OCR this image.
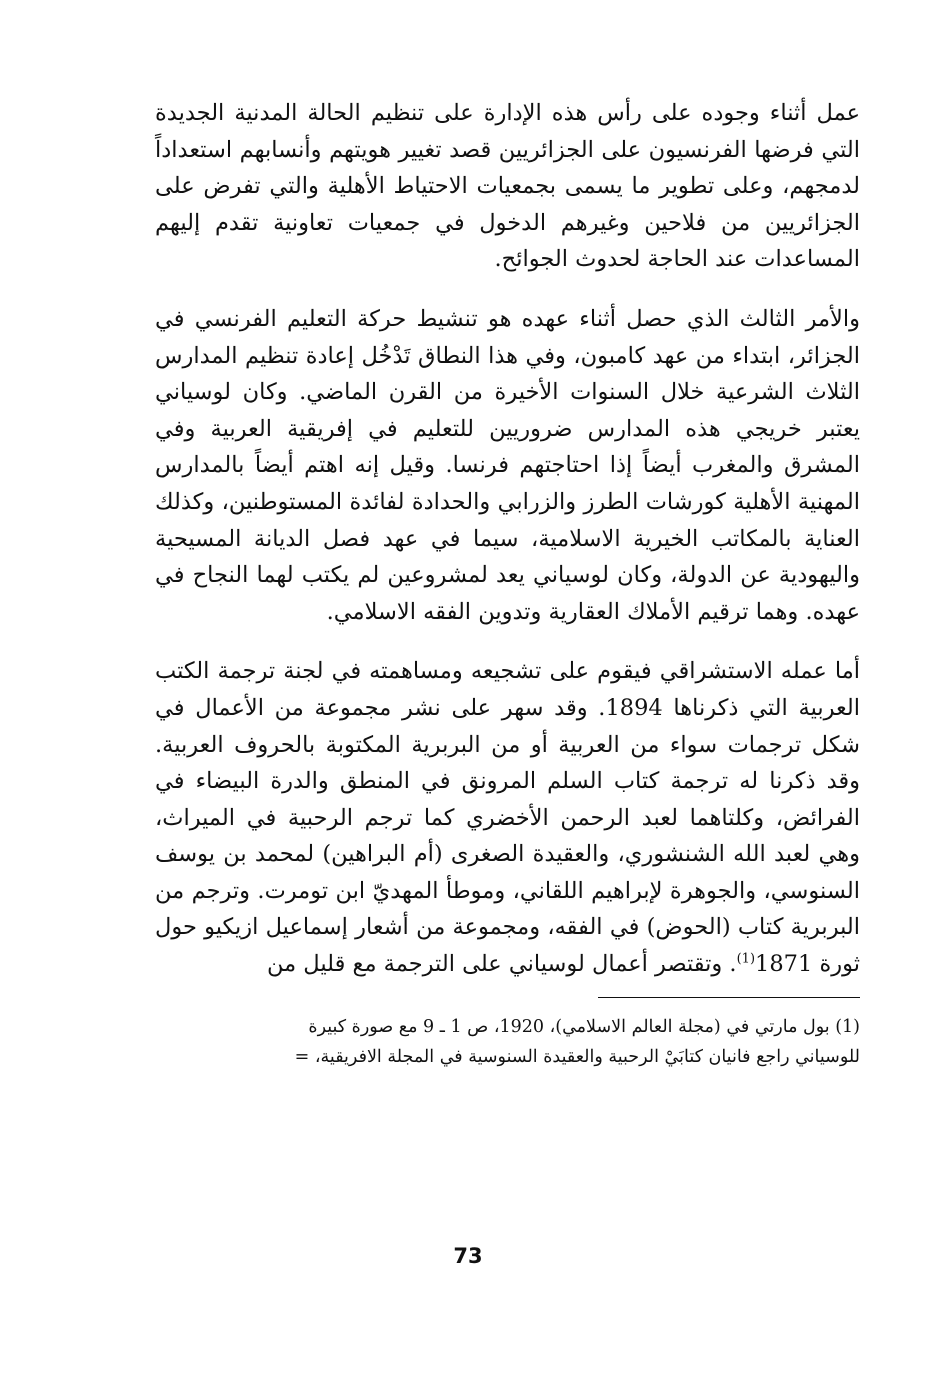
عمل أثناء وجوده على رأس هذه الإدارة على تنظيم الحالة المدنية الجديدة التي فرضها الفرنسيون على الجزائريين قصد تغيير هويتهم وأنسابهم استعداداً لدمجهم، وعلى تطوير ما يسمى بجمعيات الاحتياط الأهلية والتي تفرض على الجزائريين من فلاحين وغيرهم الدخول في جمعيات تعاونية تقدم إليهم المساعدات عند الحاجة لحدوث الجوائح.

والأمر الثالث الذي حصل أثناء عهده هو تنشيط حركة التعليم الفرنسي في الجزائر، ابتداء من عهد كامبون، وفي هذا النطاق تَدْخُل إعادة تنظيم المدارس الثلاث الشرعية خلال السنوات الأخيرة من القرن الماضي. وكان لوسياني يعتبر خريجي هذه المدارس ضروريين للتعليم في إفريقية العربية وفي المشرق والمغرب أيضاً إذا احتاجتهم فرنسا. وقيل إنه اهتم أيضاً بالمدارس المهنية الأهلية كورشات الطرز والزرابي والحدادة لفائدة المستوطنين، وكذلك العناية بالمكاتب الخيرية الاسلامية، سيما في عهد فصل الديانة المسيحية واليهودية عن الدولة، وكان لوسياني يعد لمشروعين لم يكتب لهما النجاح في عهده. وهما ترقيم الأملاك العقارية وتدوين الفقه الاسلامي.

أما عمله الاستشراقي فيقوم على تشجيعه ومساهمته في لجنة ترجمة الكتب العربية التي ذكرناها 1894. وقد سهر على نشر مجموعة من الأعمال في شكل ترجمات سواء من العربية أو من البربرية المكتوبة بالحروف العربية. وقد ذكرنا له ترجمة كتاب السلم المرونق في المنطق والدرة البيضاء في الفرائض، وكلتاهما لعبد الرحمن الأخضري كما ترجم الرحبية في الميراث، وهي لعبد الله الشنشوري، والعقيدة الصغرى (أم البراهين) لمحمد بن يوسف السنوسي، والجوهرة لإبراهيم اللقاني، وموطأ المهديّ ابن تومرت. وترجم من البربرية كتاب (الحوض) في الفقه، ومجموعة من أشعار إسماعيل ازيكيو حول ثورة 1871$^{(1)}$. وتقتصر أعمال لوسياني على الترجمة مع قليل من

(1) بول مارتي في (مجلة العالم الاسلامي)، 1920، ص 1 ـ 9 مع صورة كبيرة
للوسياني راجع فانيان كتابَيْ الرحبية والعقيدة السنوسية في المجلة الافريقية، =
73
